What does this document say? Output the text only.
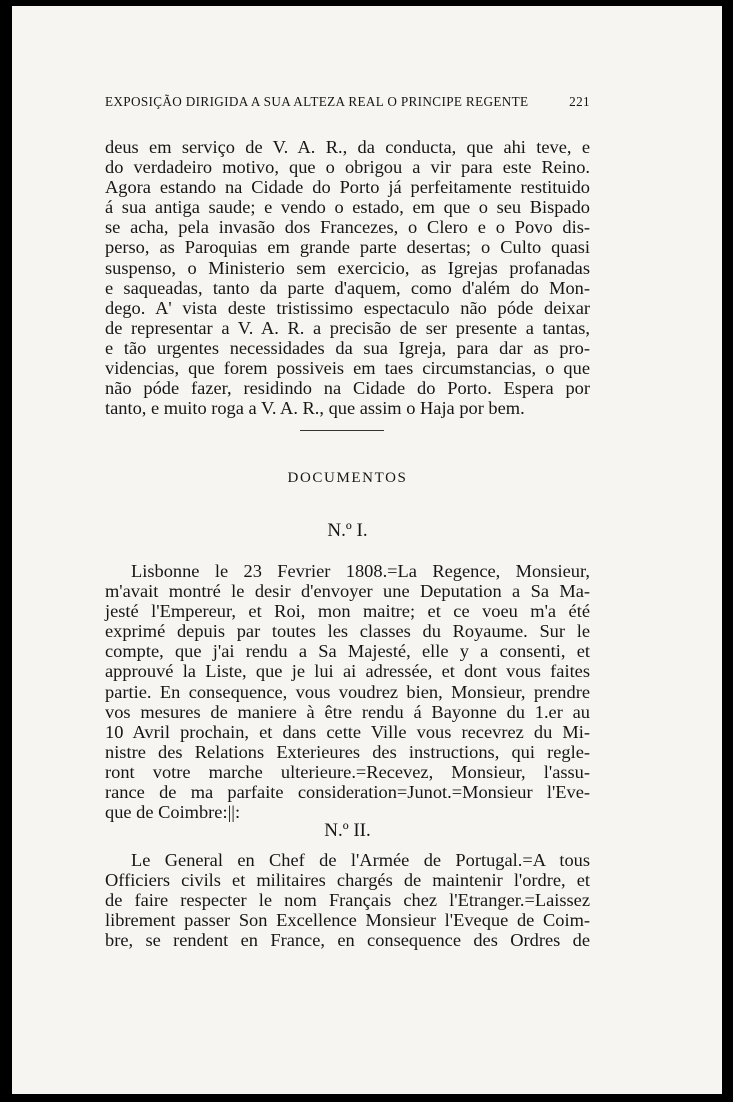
EXPOSIÇÃO DIRIGIDA A SUA ALTEZA REAL O PRINCIPE REGENTE	221
deus em serviço de V. A. R., da conducta, que ahi teve, e
do verdadeiro motivo, que o obrigou a vir para este Reino.
Agora estando na Cidade do Porto já perfeitamente restituido
á sua antiga saude; e vendo o estado, em que o seu Bispado
se acha, pela invasão dos Francezes, o Clero e o Povo dis-
perso, as Paroquias em grande parte desertas; o Culto quasi
suspenso, o Ministerio sem exercicio, as Igrejas profanadas
e saqueadas, tanto da parte d'aquem, como d'além do Mon-
dego. A' vista deste tristissimo espectaculo não póde deixar
de representar a V. A. R. a precisão de ser presente a tantas,
e tão urgentes necessidades da sua Igreja, para dar as pro-
videncias, que forem possiveis em taes circumstancias, o que
não póde fazer, residindo na Cidade do Porto. Espera por
tanto, e muito roga a V. A. R., que assim o Haja por bem.
DOCUMENTOS
N.º I.
Lisbonne le 23 Fevrier 1808.=La Regence, Monsieur,
m'avait montré le desir d'envoyer une Deputation a Sa Ma-
jesté l'Empereur, et Roi, mon maitre; et ce voeu m'a été
exprimé depuis par toutes les classes du Royaume. Sur le
compte, que j'ai rendu a Sa Majesté, elle y a consenti, et
approuvé la Liste, que je lui ai adressée, et dont vous faites
partie. En consequence, vous voudrez bien, Monsieur, prendre
vos mesures de maniere à être rendu á Bayonne du 1.er au
10 Avril prochain, et dans cette Ville vous recevrez du Mi-
nistre des Relations Exterieures des instructions, qui regle-
ront votre marche ulterieure.=Recevez, Monsieur, l'assu-
rance de ma parfaite consideration=Junot.=Monsieur l'Eve-
que de Coimbre:||:
N.º II.
Le General en Chef de l'Armée de Portugal.=A tous
Officiers civils et militaires chargés de maintenir l'ordre, et
de faire respecter le nom Français chez l'Etranger.=Laissez
librement passer Son Excellence Monsieur l'Eveque de Coim-
bre, se rendent en France, en consequence des Ordres de
